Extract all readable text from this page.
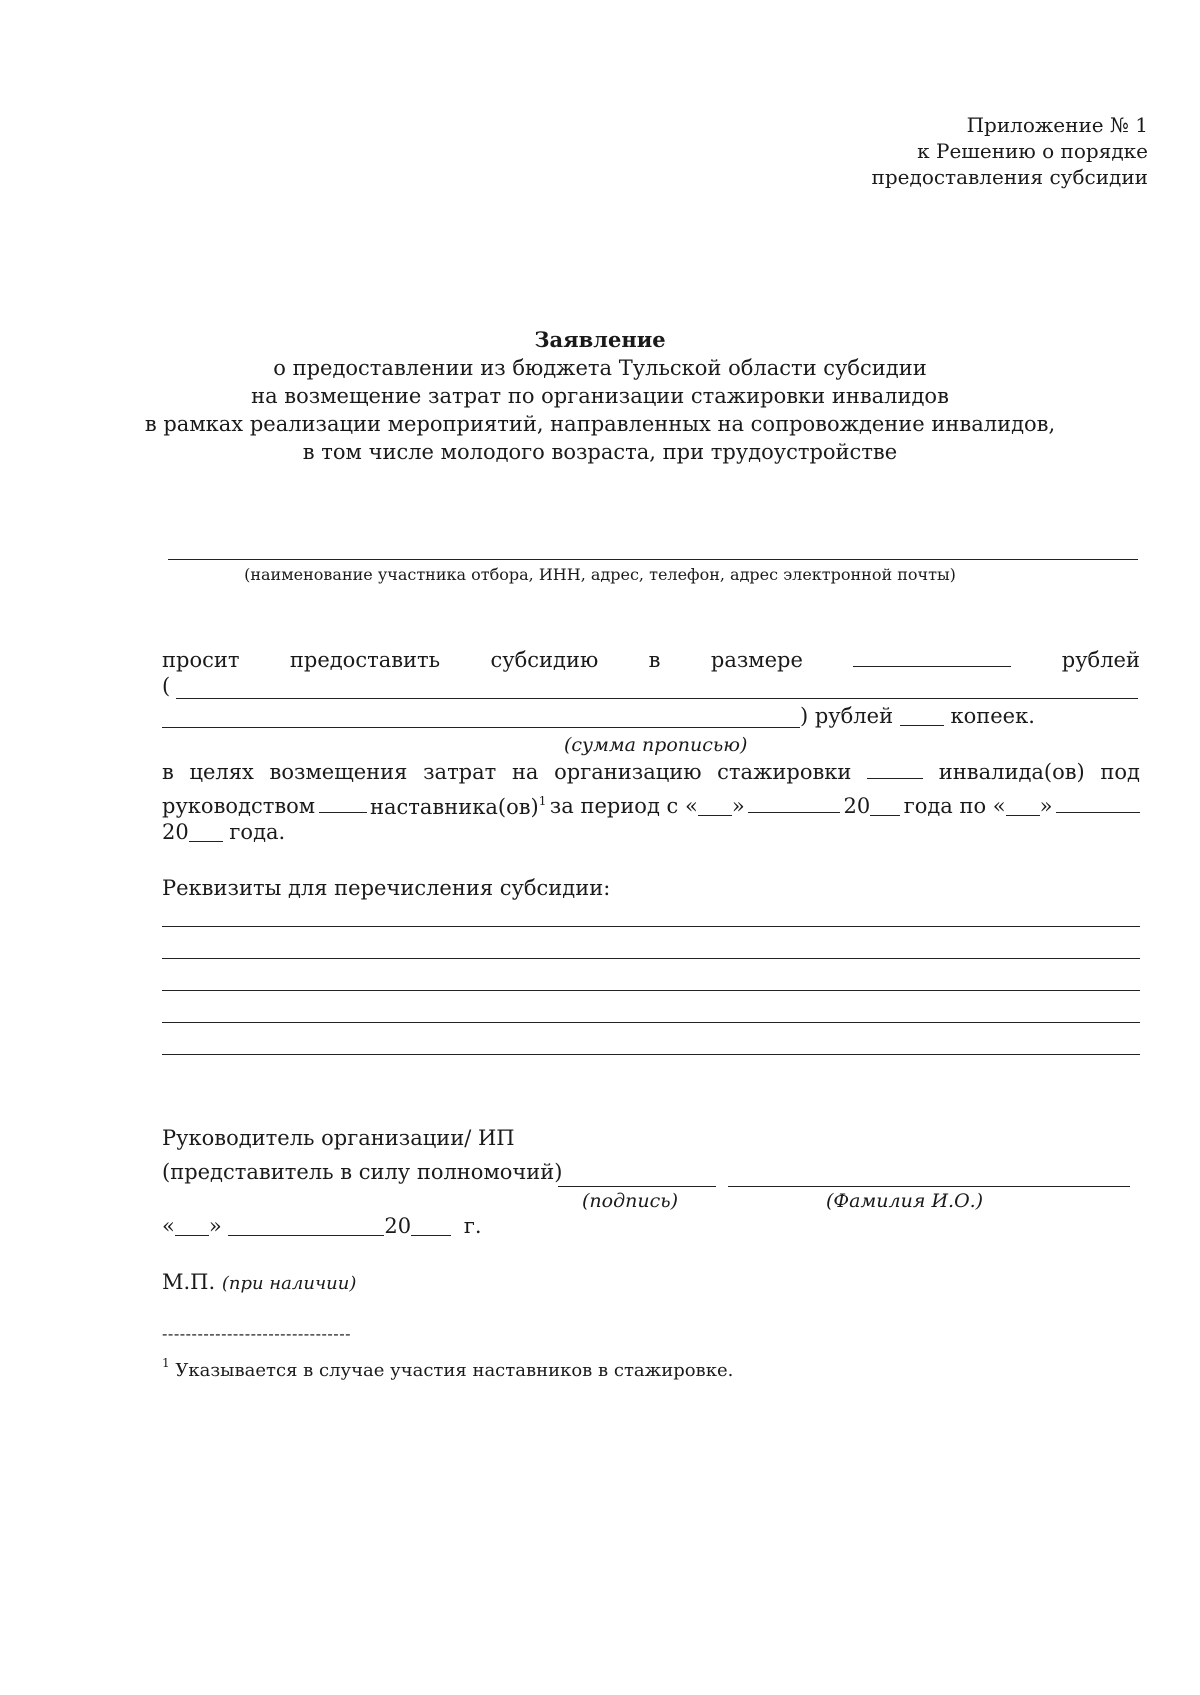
Приложение № 1
к Решению о порядке
предоставления субсидии
Заявление
о предоставлении из бюджета Тульской области субсидии
на возмещение затрат по организации стажировки инвалидов
в рамках реализации мероприятий, направленных на сопровождение инвалидов,
в том числе молодого возраста, при трудоустройстве
(наименование участника отбора, ИНН, адрес, телефон, адрес электронной почты)
просит предоставить субсидию в размере	рублей
(
) рублей	копеек.
(сумма прописью)
в целях возмещения затрат на организацию стажировки	инвалида(ов) под
руководством	наставника(ов)$^1$ за период с « »	20	года по « »
20 года.
Реквизиты для перечисления субсидии:
Руководитель организации/ ИП
(представитель в силу полномочий)
(подпись)	(Фамилия И.О.)
« »	20	г.
М.П. (при наличии)
--------------------------------
$^1$ Указывается в случае участия наставников в стажировке.
